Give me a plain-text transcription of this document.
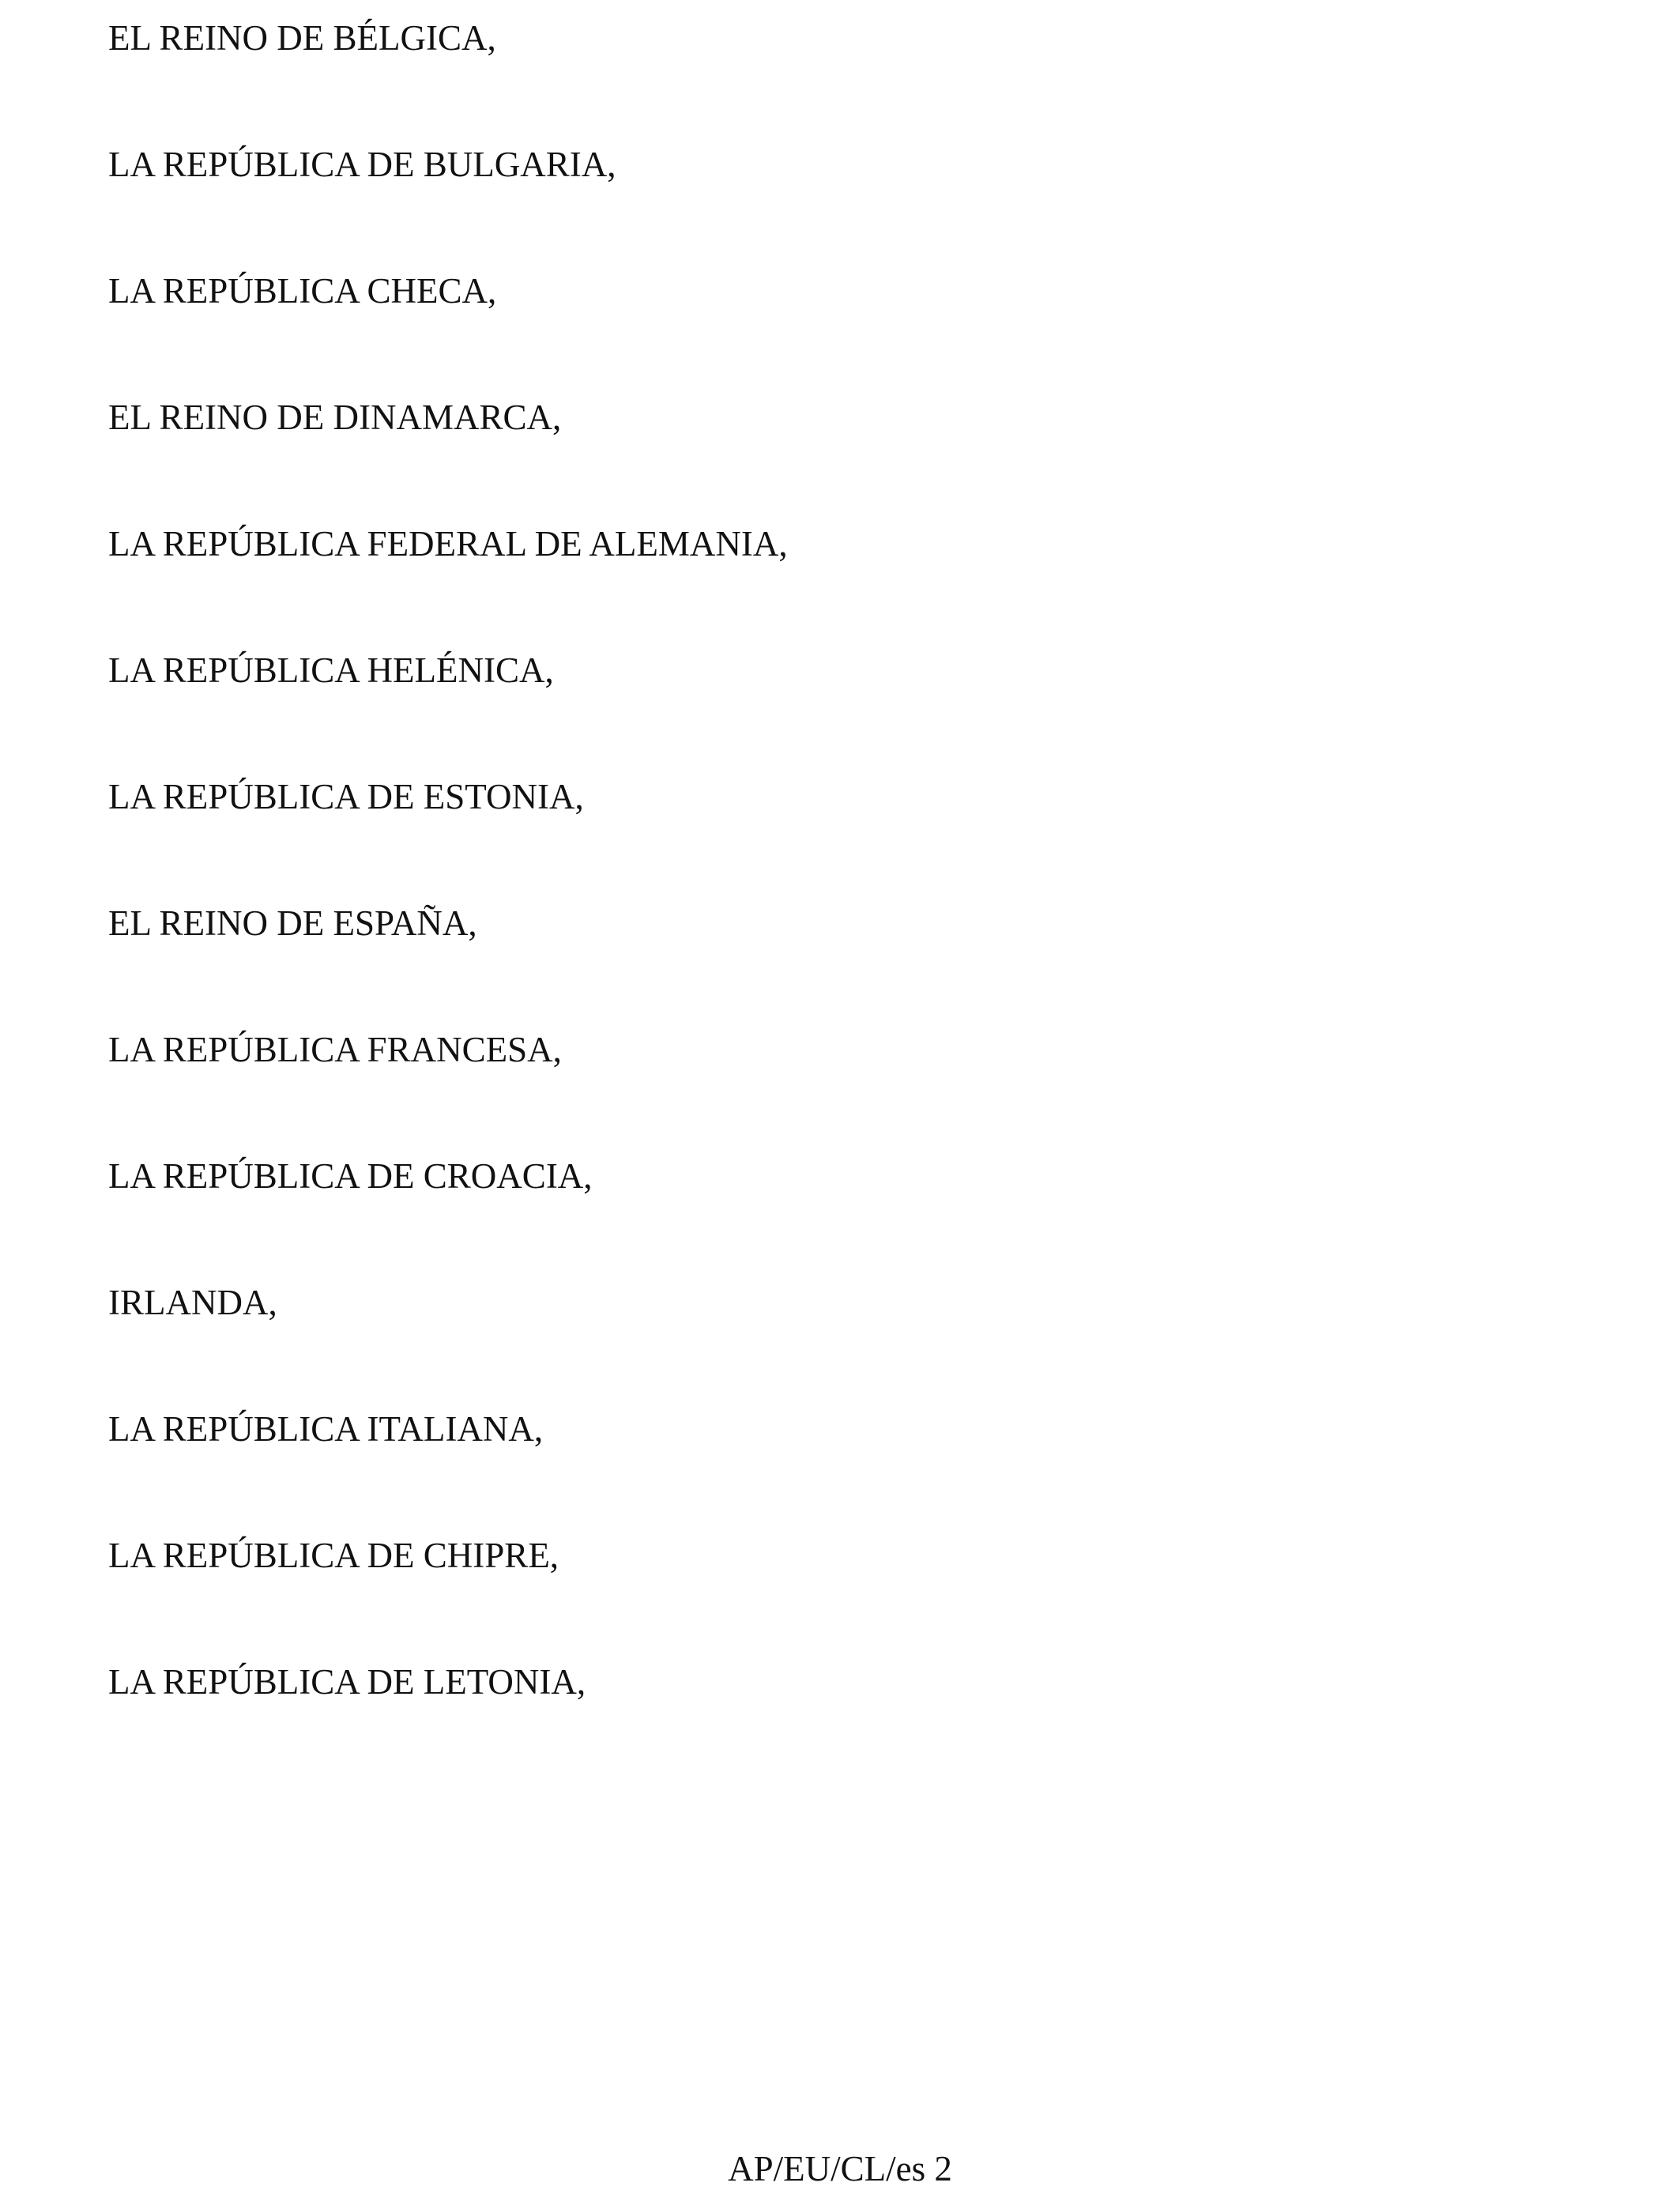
EL REINO DE BÉLGICA,
LA REPÚBLICA DE BULGARIA,
LA REPÚBLICA CHECA,
EL REINO DE DINAMARCA,
LA REPÚBLICA FEDERAL DE ALEMANIA,
LA REPÚBLICA HELÉNICA,
LA REPÚBLICA DE ESTONIA,
EL REINO DE ESPAÑA,
LA REPÚBLICA FRANCESA,
LA REPÚBLICA DE CROACIA,
IRLANDA,
LA REPÚBLICA ITALIANA,
LA REPÚBLICA DE CHIPRE,
LA REPÚBLICA DE LETONIA,
AP/EU/CL/es 2
